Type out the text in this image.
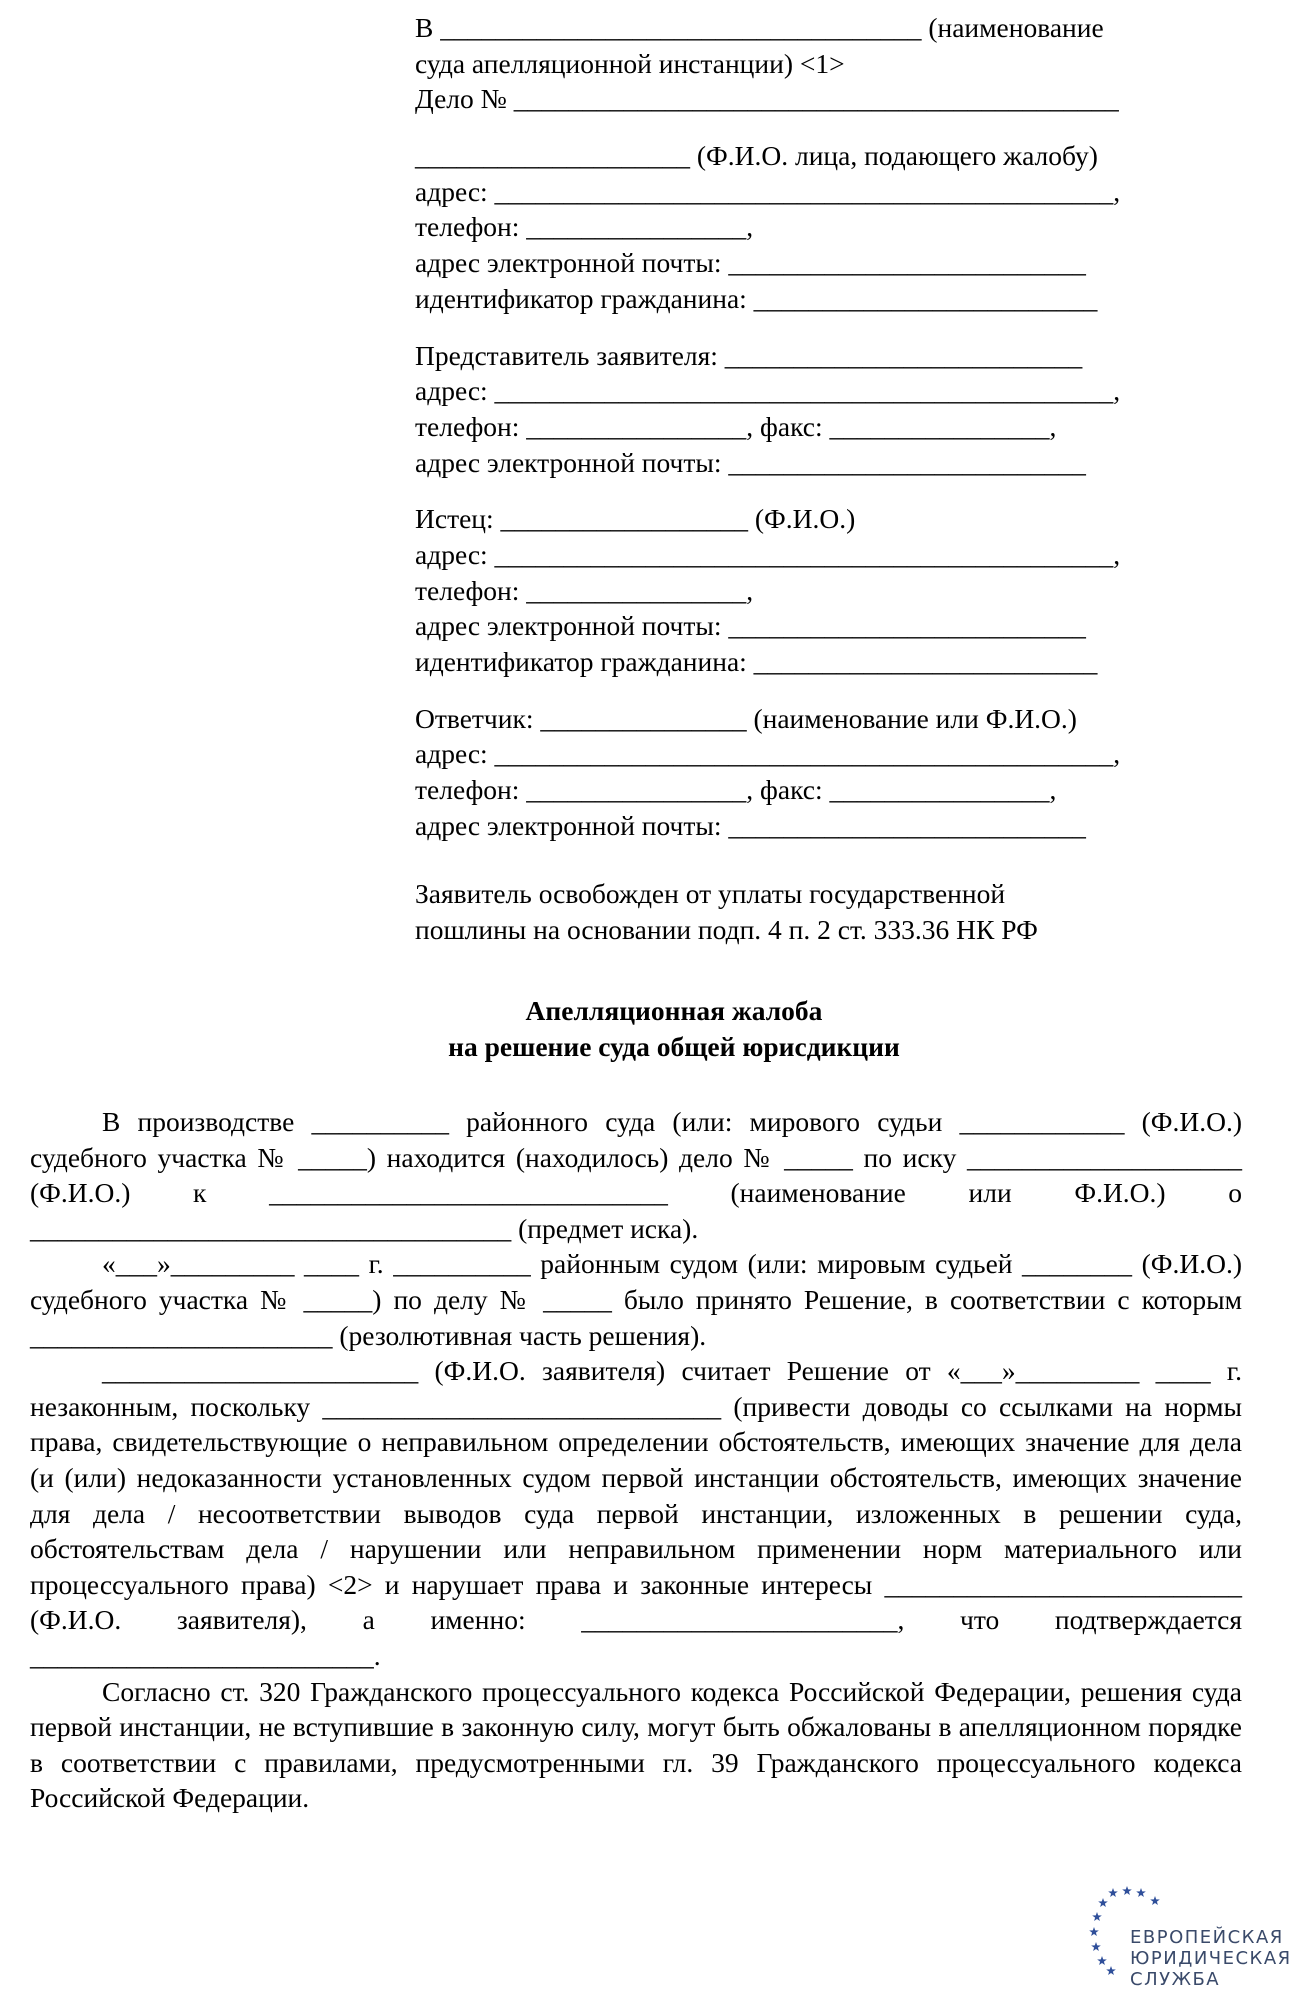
В ___________________________________ (наименование
суда апелляционной инстанции) <1>
Дело № ____________________________________________
____________________ (Ф.И.О. лица, подающего жалобу)
адрес: _____________________________________________,
телефон: ________________,
адрес электронной почты: __________________________
идентификатор гражданина: _________________________
Представитель заявителя: __________________________
адрес: _____________________________________________,
телефон: ________________, факс: ________________,
адрес электронной почты: __________________________
Истец: __________________ (Ф.И.О.)
адрес: _____________________________________________,
телефон: ________________,
адрес электронной почты: __________________________
идентификатор гражданина: _________________________
Ответчик: _______________ (наименование или Ф.И.О.)
адрес: _____________________________________________,
телефон: ________________, факс: ________________,
адрес электронной почты: __________________________
Заявитель освобожден от уплаты государственной
пошлины на основании подп. 4 п. 2 ст. 333.36 НК РФ
Апелляционная жалоба
на решение суда общей юрисдикции

В производстве __________ районного суда (или: мирового судьи ____________ (Ф.И.О.) судебного участка № _____) находится (находилось) дело № _____ по иску ____________________ (Ф.И.О.) к _____________________________ (наименование или Ф.И.О.) о ___________________________________ (предмет иска).

«___»_________ ____ г. __________ районным судом (или: мировым судьей ________ (Ф.И.О.) судебного участка № _____) по делу № _____ было принято Решение, в соответствии с которым ______________________ (резолютивная часть решения).

_______________________ (Ф.И.О. заявителя) считает Решение от «___»_________ ____ г. незаконным, поскольку _____________________________ (привести доводы со ссылками на нормы права, свидетельствующие о неправильном определении обстоятельств, имеющих значение для дела (и (или) недоказанности установленных судом первой инстанции обстоятельств, имеющих значение для дела / несоответствии выводов суда первой инстанции, изложенных в решении суда, обстоятельствам дела / нарушении или неправильном применении норм материального или процессуального права) <2> и нарушает права и законные интересы __________________________ (Ф.И.О. заявителя), а именно: _______________________, что подтверждается _________________________.

Согласно ст. 320 Гражданского процессуального кодекса Российской Федерации, решения суда первой инстанции, не вступившие в законную силу, могут быть обжалованы в апелляционном порядке в соответствии с правилами, предусмотренными гл. 39 Гражданского процессуального кодекса Российской Федерации.

ЕВРОПЕЙСКАЯ
ЮРИДИЧЕСКАЯ
СЛУЖБА
